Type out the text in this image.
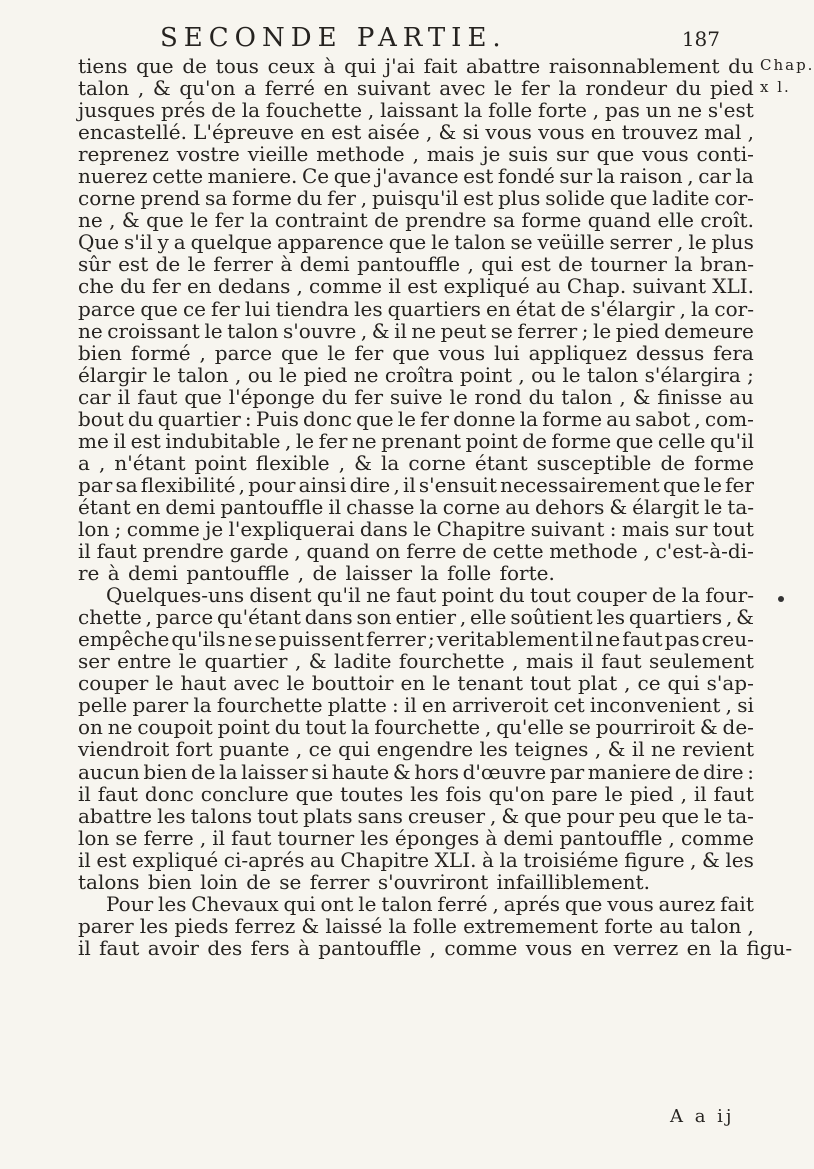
SECONDE PARTIE.	187
Chap. x l.
tiens que de tous ceux à qui j'ai fait abattre raisonnablement du
talon , & qu'on a ferré en suivant avec le fer la rondeur du pied
jusques prés de la fouchette , laissant la folle forte , pas un ne s'est
encastellé. L'épreuve en est aisée , & si vous vous en trouvez mal ,
reprenez vostre vieille methode , mais je suis sur que vous conti-
nuerez cette maniere. Ce que j'avance est fondé sur la raison , car la
corne prend sa forme du fer , puisqu'il est plus solide que ladite cor-
ne , & que le fer la contraint de prendre sa forme quand elle croît.
Que s'il y a quelque apparence que le talon se veüille serrer , le plus
sûr est de le ferrer à demi pantouffle , qui est de tourner la bran-
che du fer en dedans , comme il est expliqué au Chap. suivant XLI.
parce que ce fer lui tiendra les quartiers en état de s'élargir , la cor-
ne croissant le talon s'ouvre , & il ne peut se ferrer ; le pied demeure
bien formé , parce que le fer que vous lui appliquez dessus fera
élargir le talon , ou le pied ne croîtra point , ou le talon s'élargira ;
car il faut que l'éponge du fer suive le rond du talon , & finisse au
bout du quartier : Puis donc que le fer donne la forme au sabot , com-
me il est indubitable , le fer ne prenant point de forme que celle qu'il
a , n'étant point flexible , & la corne étant susceptible de forme
par sa flexibilité , pour ainsi dire , il s'ensuit necessairement que le fer
étant en demi pantouffle il chasse la corne au dehors & élargit le ta-
lon ; comme je l'expliquerai dans le Chapitre suivant : mais sur tout
il faut prendre garde , quand on ferre de cette methode , c'est-à-di-
re à demi pantouffle , de laisser la folle forte.
Quelques-uns disent qu'il ne faut point du tout couper de la four-
chette , parce qu'étant dans son entier , elle soûtient les quartiers , &
empêche qu'ils ne se puissent ferrer ; veritablement il ne faut pas creu-
ser entre le quartier , & ladite fourchette , mais il faut seulement
couper le haut avec le bouttoir en le tenant tout plat , ce qui s'ap-
pelle parer la fourchette platte : il en arriveroit cet inconvenient , si
on ne coupoit point du tout la fourchette , qu'elle se pourriroit & de-
viendroit fort puante , ce qui engendre les teignes , & il ne revient
aucun bien de la laisser si haute & hors d'œuvre par maniere de dire :
il faut donc conclure que toutes les fois qu'on pare le pied , il faut
abattre les talons tout plats sans creuser , & que pour peu que le ta-
lon se ferre , il faut tourner les éponges à demi pantouffle , comme
il est expliqué ci-aprés au Chapitre XLI. à la troisiéme figure , & les
talons bien loin de se ferrer s'ouvriront infailliblement.
Pour les Chevaux qui ont le talon ferré , aprés que vous aurez fait
parer les pieds ferrez & laissé la folle extremement forte au talon ,
il faut avoir des fers à pantouffle , comme vous en verrez en la figu-
A a ij
